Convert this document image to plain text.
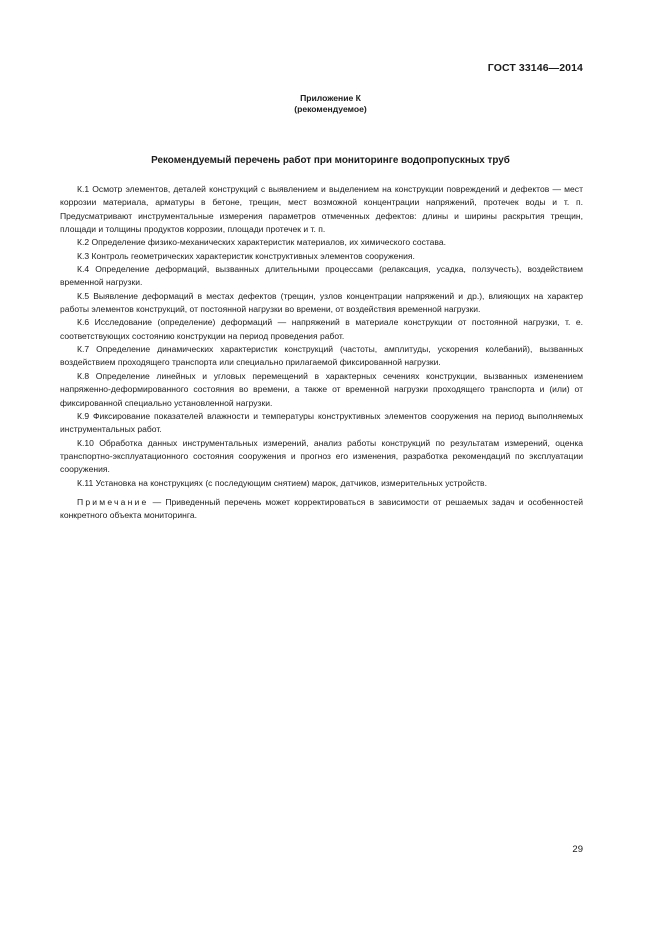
ГОСТ 33146—2014
Приложение К
(рекомендуемое)
Рекомендуемый перечень работ при мониторинге водопропускных труб

К.1 Осмотр элементов, деталей конструкций с выявлением и выделением на конструкции повреждений и дефектов — мест коррозии материала, арматуры в бетоне, трещин, мест возможной концентрации напряжений, протечек воды и т. п. Предусматривают инструментальные измерения параметров отмеченных дефектов: длины и ширины раскрытия трещин, площади и толщины продуктов коррозии, площади протечек и т. п.

К.2 Определение физико-механических характеристик материалов, их химического состава.

К.3 Контроль геометрических характеристик конструктивных элементов сооружения.

К.4 Определение деформаций, вызванных длительными процессами (релаксация, усадка, ползучесть), воздействием временной нагрузки.

К.5 Выявление деформаций в местах дефектов (трещин, узлов концентрации напряжений и др.), влияющих на характер работы элементов конструкций, от постоянной нагрузки во времени, от воздействия временной нагрузки.

К.6 Исследование (определение) деформаций — напряжений в материале конструкции от постоянной нагрузки, т. е. соответствующих состоянию конструкции на период проведения работ.

К.7 Определение динамических характеристик конструкций (частоты, амплитуды, ускорения колебаний), вызванных воздействием проходящего транспорта или специально прилагаемой фиксированной нагрузки.

К.8 Определение линейных и угловых перемещений в характерных сечениях конструкции, вызванных изменением напряженно-деформированного состояния во времени, а также от временной нагрузки проходящего транспорта и (или) от фиксированной специально установленной нагрузки.

К.9 Фиксирование показателей влажности и температуры конструктивных элементов сооружения на период выполняемых инструментальных работ.

К.10 Обработка данных инструментальных измерений, анализ работы конструкций по результатам измерений, оценка транспортно-эксплуатационного состояния сооружения и прогноз его изменения, разработка рекомендаций по эксплуатации сооружения.

К.11 Установка на конструкциях (с последующим снятием) марок, датчиков, измерительных устройств.

Примечание — Приведенный перечень может корректироваться в зависимости от решаемых задач и особенностей конкретного объекта мониторинга.

29
